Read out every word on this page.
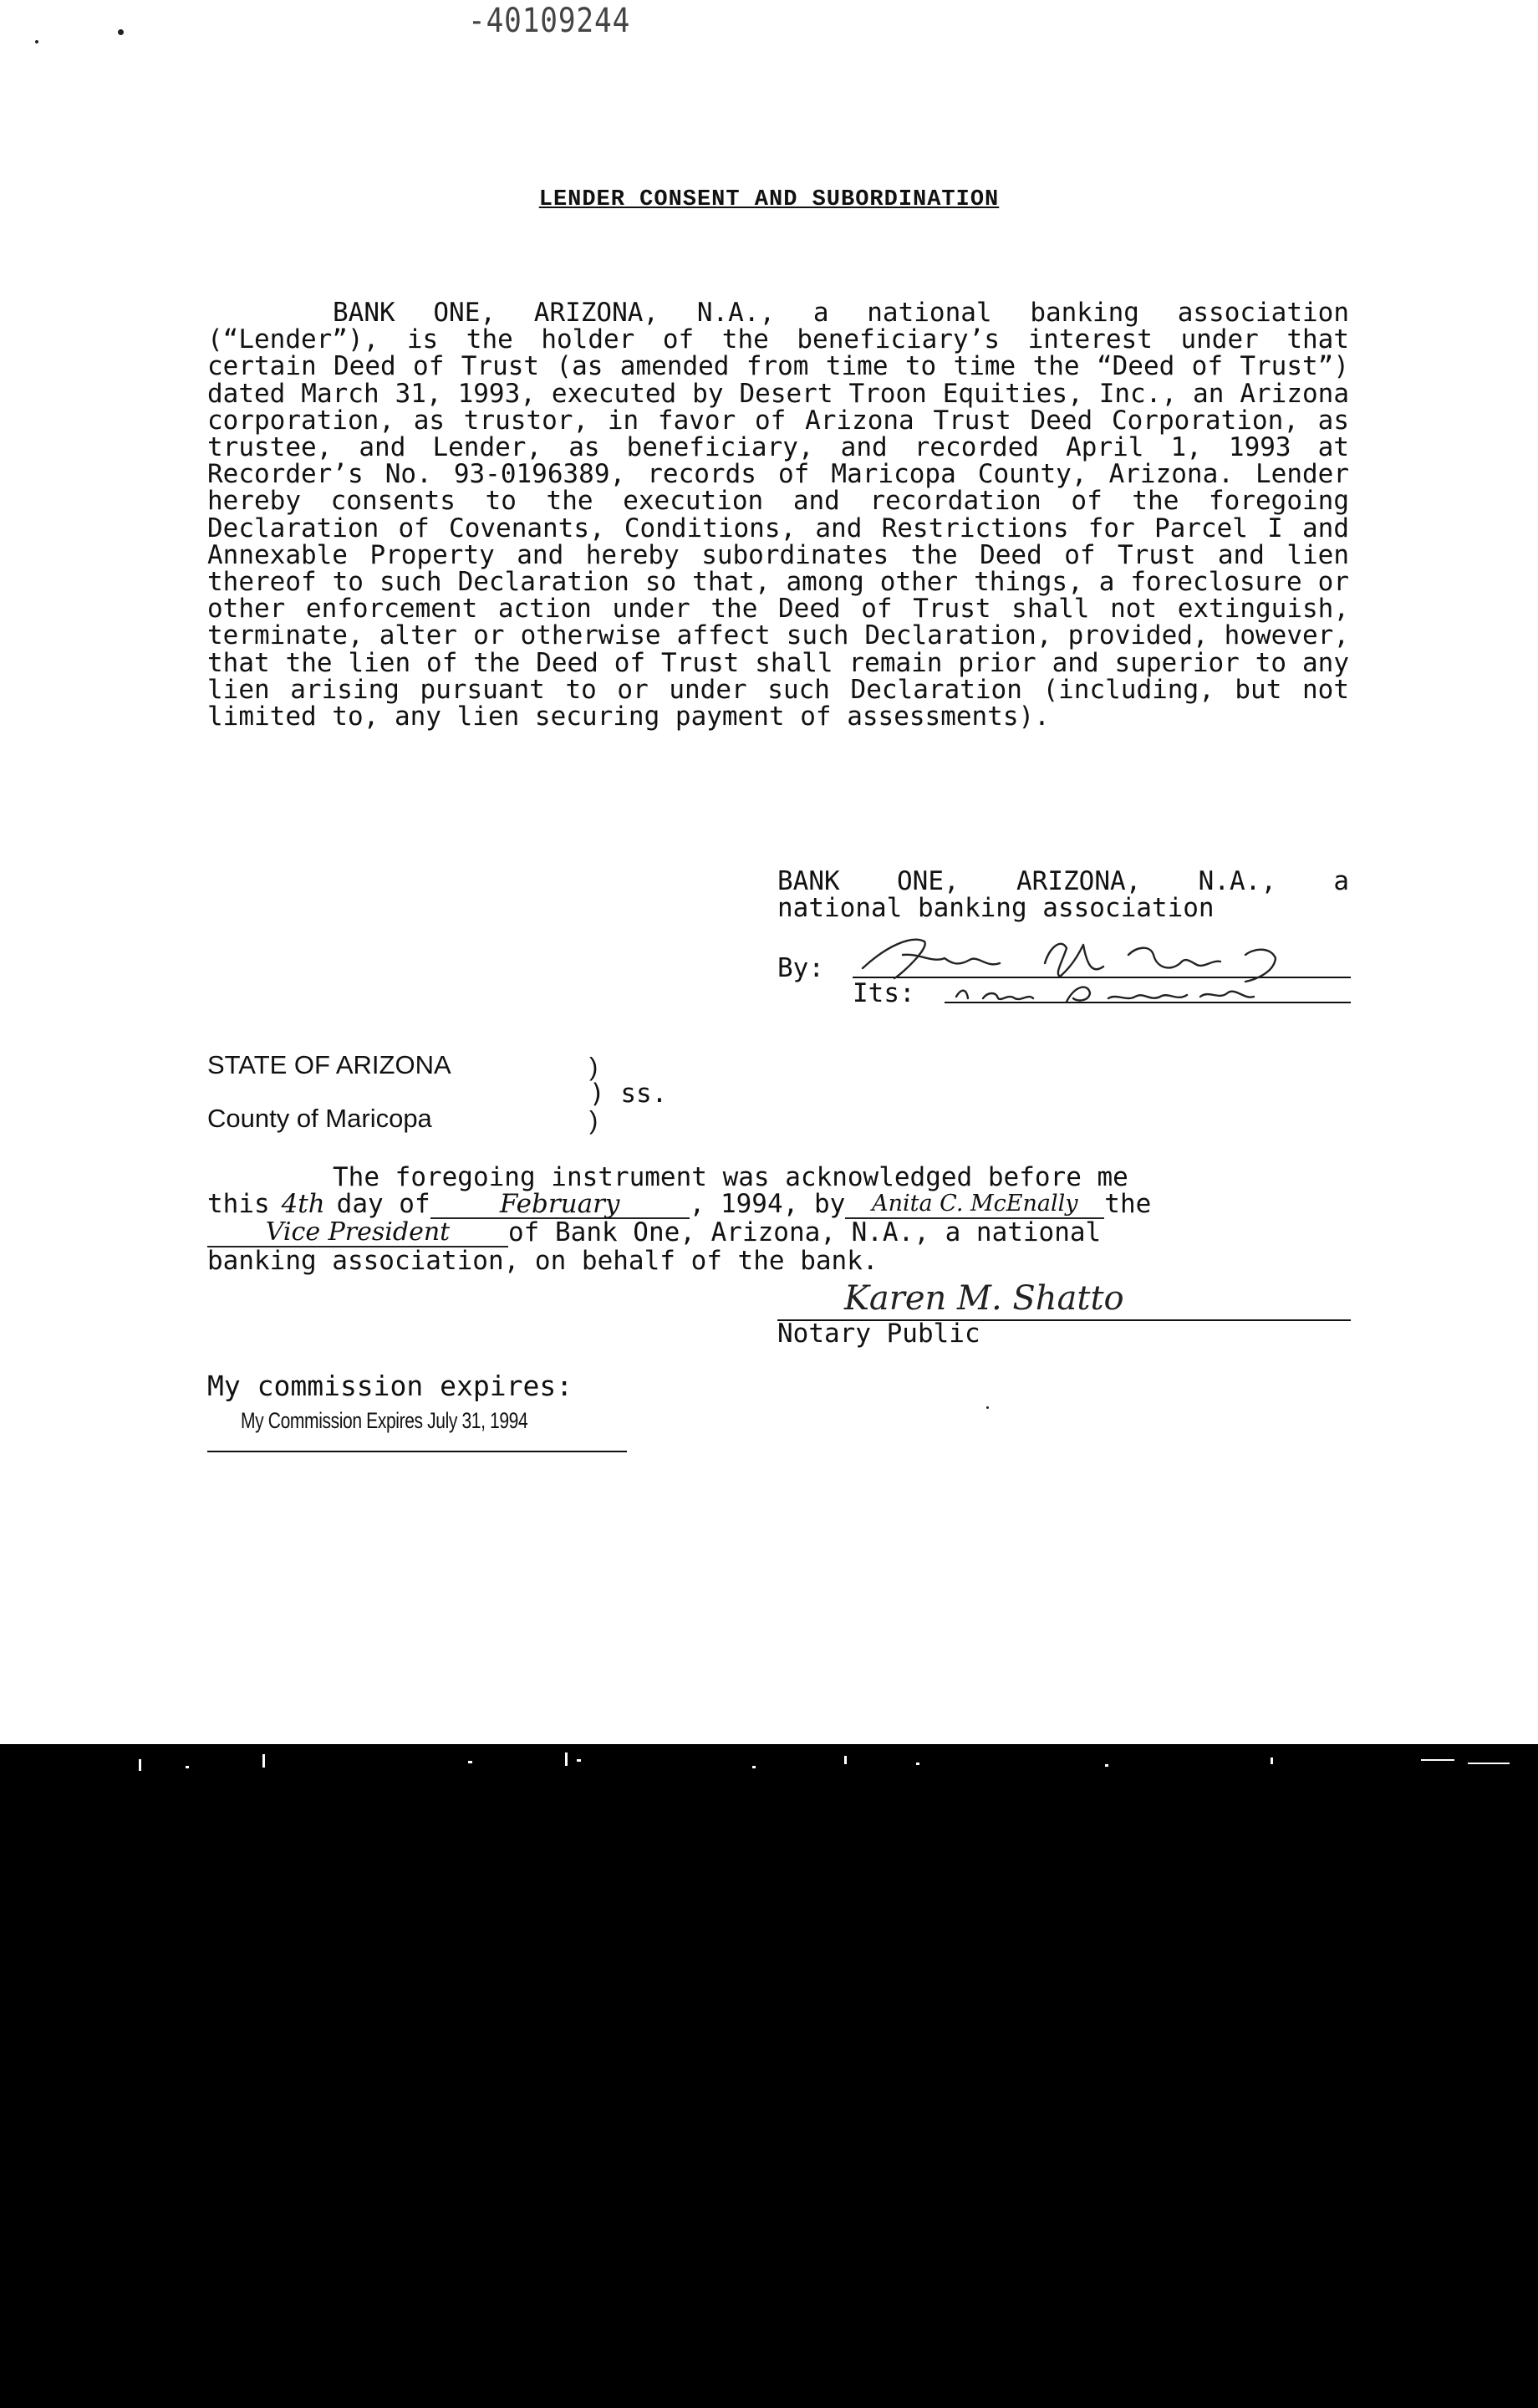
-40109244
LENDER CONSENT AND SUBORDINATION

BANK ONE, ARIZONA, N.A., a national banking association (“Lender”), is the holder of the beneficiary’s interest under that certain Deed of Trust (as amended from time to time the “Deed of Trust”) dated March 31, 1993, executed by Desert Troon Equities, Inc., an Arizona corporation, as trustor, in favor of Arizona Trust Deed Corporation, as trustee, and Lender, as beneficiary, and recorded April 1, 1993 at Recorder’s No. 93-0196389, records of Maricopa County, Arizona. Lender hereby consents to the execution and recordation of the foregoing Declaration of Covenants, Conditions, and Restrictions for Parcel I and Annexable Property and hereby subordinates the Deed of Trust and lien thereof to such Declaration so that, among other things, a foreclosure or other enforcement action under the Deed of Trust shall not extinguish, terminate, alter or otherwise affect such Declaration, provided, however, that the lien of the Deed of Trust shall remain prior and superior to any lien arising pursuant to or under such Declaration (including, but not limited to, any lien securing payment of assessments).

BANK ONE, ARIZONA, N.A., a
national banking association
By:
Its:
STATE OF ARIZONA
County of Maricopa
)
) ss.
)
The foregoing instrument was acknowledged before me
this 4th day of	February	, 1994, by	Anita C. McEnally	the
Vice President	of Bank One, Arizona, N.A., a national
banking association, on behalf of the bank.
Karen M. Shatto
Notary Public
My commission expires:
My Commission Expires July 31, 1994
